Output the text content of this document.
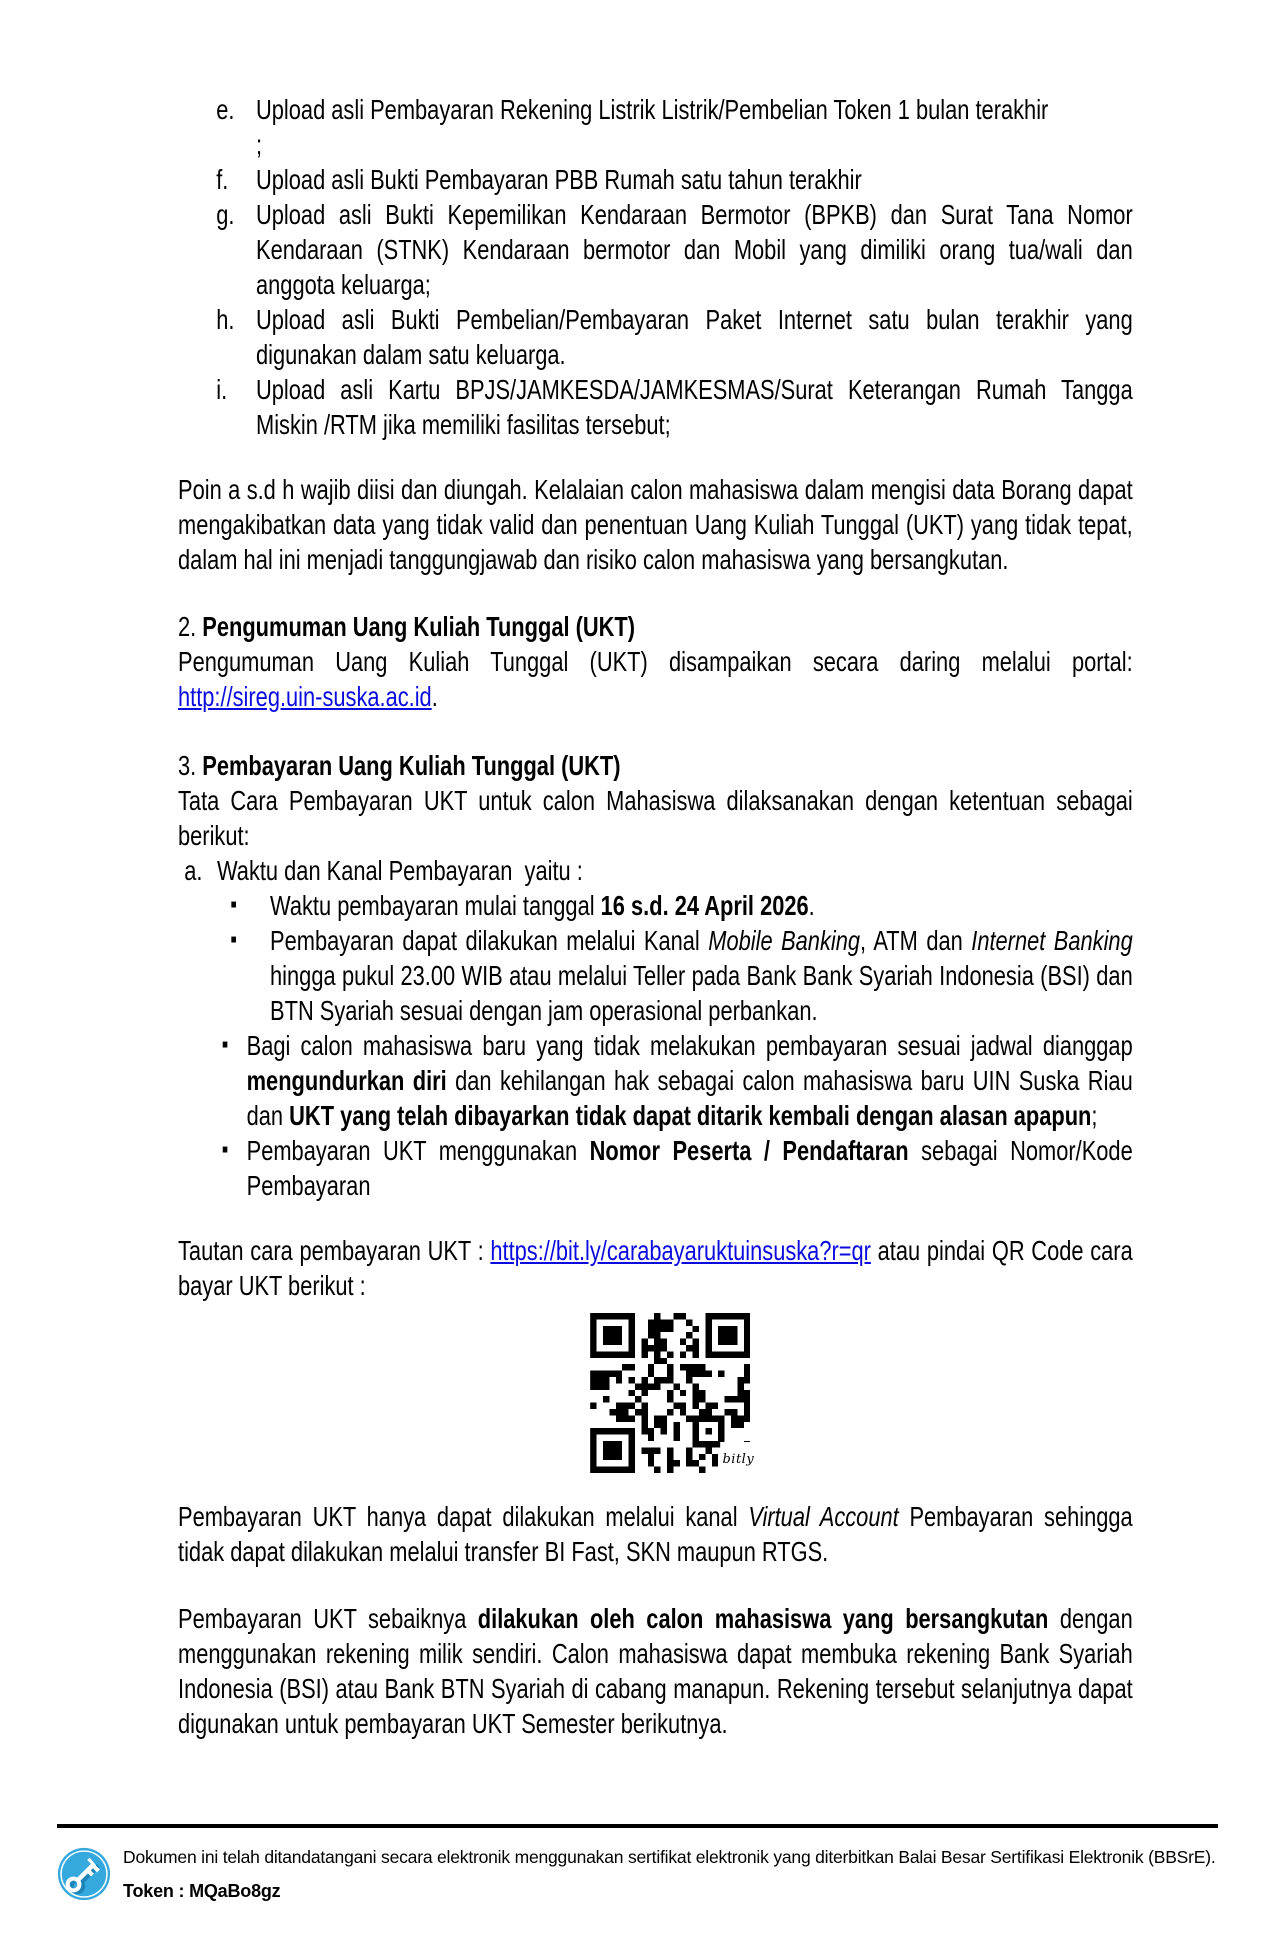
e. Upload asli Pembayaran Rekening Listrik Listrik/Pembelian Token 1 bulan terakhir
;
f. Upload asli Bukti Pembayaran PBB Rumah satu tahun terakhir
g. Upload asli Bukti Kepemilikan Kendaraan Bermotor (BPKB) dan Surat Tana Nomor Kendaraan (STNK) Kendaraan bermotor dan Mobil yang dimiliki orang tua/wali dan anggota keluarga;
h. Upload asli Bukti Pembelian/Pembayaran Paket Internet satu bulan terakhir yang digunakan dalam satu keluarga.
i. Upload asli Kartu BPJS/JAMKESDA/JAMKESMAS/Surat Keterangan Rumah Tangga Miskin /RTM jika memiliki fasilitas tersebut;

Poin a s.d h wajib diisi dan diungah. Kelalaian calon mahasiswa dalam mengisi data Borang dapat mengakibatkan data yang tidak valid dan penentuan Uang Kuliah Tunggal (UKT) yang tidak tepat, dalam hal ini menjadi tanggungjawab dan risiko calon mahasiswa yang bersangkutan.

2. Pengumuman Uang Kuliah Tunggal (UKT)

Pengumuman Uang Kuliah Tunggal (UKT) disampaikan secara daring melalui portal: http://sireg.uin-suska.ac.id.

3. Pembayaran Uang Kuliah Tunggal (UKT)

Tata Cara Pembayaran UKT untuk calon Mahasiswa dilaksanakan dengan ketentuan sebagai berikut:

a. Waktu dan Kanal Pembayaran  yaitu :
▪ Waktu pembayaran mulai tanggal 16 s.d. 24 April 2026.
▪ Pembayaran dapat dilakukan melalui Kanal Mobile Banking, ATM dan Internet Banking hingga pukul 23.00 WIB atau melalui Teller pada Bank Bank Syariah Indonesia (BSI) dan BTN Syariah sesuai dengan jam operasional perbankan.
▪ Bagi calon mahasiswa baru yang tidak melakukan pembayaran sesuai jadwal dianggap mengundurkan diri dan kehilangan hak sebagai calon mahasiswa baru UIN Suska Riau dan UKT yang telah dibayarkan tidak dapat ditarik kembali dengan alasan apapun;
▪ Pembayaran UKT menggunakan Nomor Peserta / Pendaftaran sebagai Nomor/Kode Pembayaran

Tautan cara pembayaran UKT : https://bit.ly/carabayaruktuinsuska?r=qr atau pindai QR Code cara bayar UKT berikut :

bitly

Pembayaran UKT hanya dapat dilakukan melalui kanal Virtual Account Pembayaran sehingga tidak dapat dilakukan melalui transfer BI Fast, SKN maupun RTGS.

Pembayaran UKT sebaiknya dilakukan oleh calon mahasiswa yang bersangkutan dengan menggunakan rekening milik sendiri. Calon mahasiswa dapat membuka rekening Bank Syariah Indonesia (BSI) atau Bank BTN Syariah di cabang manapun. Rekening tersebut selanjutnya dapat digunakan untuk pembayaran UKT Semester berikutnya.

Dokumen ini telah ditandatangani secara elektronik menggunakan sertifikat elektronik yang diterbitkan Balai Besar Sertifikasi Elektronik (BBSrE).

Token : MQaBo8gz
